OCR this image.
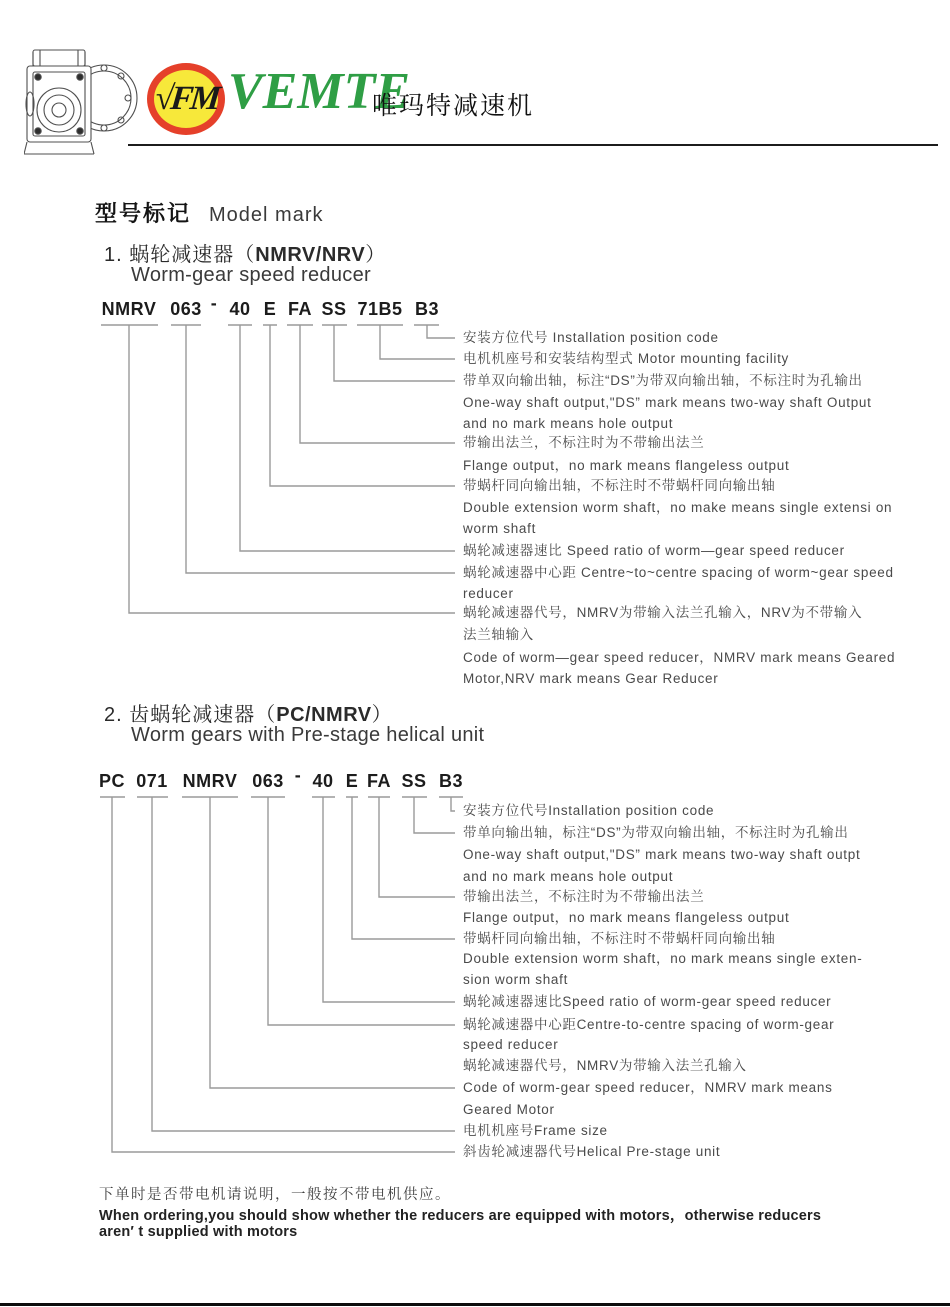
√FM VEMTE
唯玛特减速机
型号标记 Model mark
1. 蜗轮减速器（NMRV/NRV）
Worm-gear speed reducer
NMRV 063 - 40 E FA SS 71B5 B3
2. 齿蜗轮减速器（PC/NMRV）
Worm gears with Pre-stage helical unit
PC 071 NMRV 063 - 40 E FA SS B3
安装方位代号 Installation position code
电机机座号和安装结构型式 Motor mounting facility
带单双向输出轴，标注“DS”为带双向输出轴，不标注时为孔输出
One-way shaft output,"DS” mark means two-way shaft Output
and no mark means hole output
带输出法兰，不标注时为不带输出法兰
Flange output，no mark means flangeless output
带蜗杆同向输出轴，不标注时不带蜗杆同向输出轴
Double extension worm shaft，no make means single extensi on
worm shaft
蜗轮减速器速比 Speed ratio of worm—gear speed reducer
蜗轮减速器中心距 Centre~to~centre spacing of worm~gear speed
reducer
蜗轮减速器代号，NMRV为带输入法兰孔输入，NRV为不带输入
法兰轴输入
Code of worm—gear speed reducer，NMRV mark means Geared
Motor,NRV mark means Gear Reducer
安装方位代号Installation position code
带单向输出轴，标注“DS”为带双向输出轴，不标注时为孔输出
One-way shaft output,"DS” mark means two-way shaft outpt
and no mark means hole output
带输出法兰，不标注时为不带输出法兰
Flange output，no mark means flangeless output
带蜗杆同向输出轴，不标注时不带蜗杆同向输出轴
Double extension worm shaft，no mark means single exten-
sion worm shaft
蜗轮减速器速比Speed ratio of worm-gear speed reducer
蜗轮减速器中心距Centre-to-centre spacing of worm-gear
speed reducer
蜗轮减速器代号，NMRV为带输入法兰孔输入
Code of worm-gear speed reducer，NMRV mark means
Geared Motor
电机机座号Frame size
斜齿轮减速器代号Helical Pre-stage unit
下单时是否带电机请说明，一般按不带电机供应。
When ordering,you should show whether the reducers are equipped with motors，otherwise reducers
aren′ t supplied with motors
